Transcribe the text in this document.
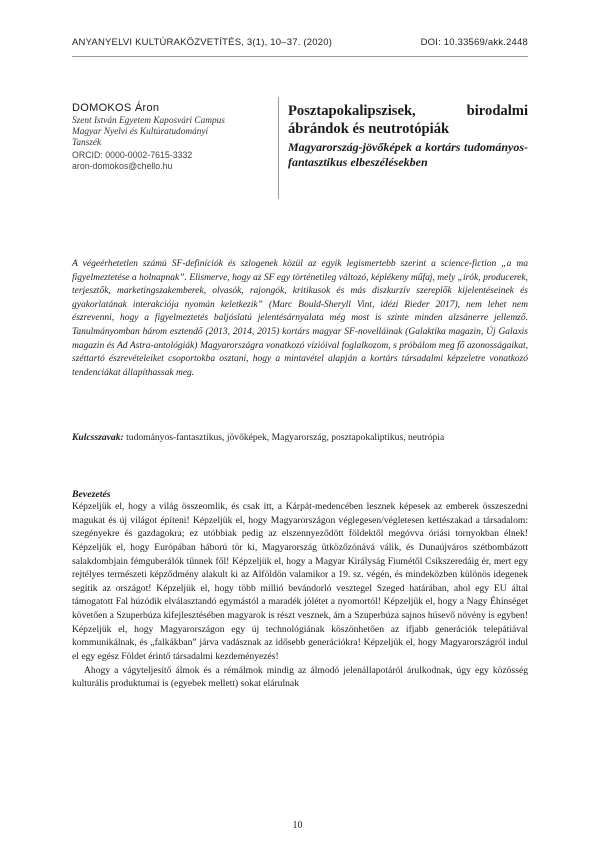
ANYANYELVI KULTÚRAKÖZVETÍTÉS, 3(1), 10–37. (2020)	DOI: 10.33569/akk.2448
DOMOKOS Áron
Szent István Egyetem Kaposvári Campus
Magyar Nyelvi és Kultúratudományi
Tanszék
ORCID: 0000-0002-7615-3332
aron-domokos@chello.hu
Posztapokalipszisek, birodalmi ábrándok és neutrotópiák
Magyarország-jövőképek a kortárs tudományos-fantasztikus elbeszélésekben

A végeérhetetlen számú SF-definíciók és szlogenek közül az egyik legismertebb szerint a science-fiction „a ma figyelmeztetése a holnapnak”. Elismerve, hogy az SF egy történetileg változó, képlékeny műfaj, mely „írók, producerek, terjesztők, marketingszakemberek, olvasók, rajongók, kritikusok és más diszkurzív szereplők kijelentéseinek és gyakorlatának interakciója nyomán keletkezik” (Marc Bould-Sheryll Vint, idézi Rieder 2017), nem lehet nem észrevenni, hogy a figyelmeztetés baljóslatú jelentésárnyalata még most is szinte minden alzsánerre jellemző. Tanulmányomban három esztendő (2013, 2014, 2015) kortárs magyar SF-novelláinak (Galaktika magazin, Új Galaxis magazin és Ad Astra-antológiák) Magyarországra vonatkozó vízióival foglalkozom, s próbálom meg fő azonosságaikat, széttartó észrevételeiket csoportokba osztani, hogy a mintavétel alapján a kortárs társadalmi képzeletre vonatkozó tendenciákat állapíthassak meg.

Kulcsszavak: tudományos-fantasztikus, jövőképek, Magyarország, posztapokaliptikus, neutrópia

Bevezetés

Képzeljük el, hogy a világ összeomlik, és csak itt, a Kárpát-medencében lesznek képesek az emberek összeszedni magukat és új világot építeni! Képzeljük el, hogy Magyarországon véglegesen/végletesen kettészakad a társadalom: szegényekre és gazdagokra; ez utóbbiak pedig az elszennyeződött földektől megóvva óriási tornyokban élnek! Képzeljük el, hogy Európában háború tör ki, Magyarország ütközőzónává válik, és Dunaújváros szétbombázott salakdombjain fémguberálók tűnnek fől! Képzeljük el, hogy a Magyar Királyság Fiumétől Csíkszeredáig ér, mert egy rejtélyes természeti képződmény alakult ki az Alföldön valamikor a 19. sz. végén, és mindeközben különös idegenek segítik az országot! Képzeljük el, hogy több millió bevándorló vesztegel Szeged határában, ahol egy EU által támogatott Fal húzódik elválasztandó egymástól a maradék jólétet a nyomortól! Képzeljük el, hogy a Nagy Éhínséget követően a Szuperbúza kifejlesztésében magyarok is részt vesznek, ám a Szuperbúza sajnos húsevő növény is egyben! Képzeljük el, hogy Magyarországon egy új technológiának köszönhetően az ifjabb generációk telepátiával kommunikálnak, és „falkákban” járva vadásznak az idősebb generációkra! Képzeljük el, hogy Magyarországról indul el egy egész Földet érintő társadalmi kezdeményezés!

Ahogy a vágyteljesítő álmok és a rémálmok mindig az álmodó jelenállapotáról árulkodnak, úgy egy közösség kulturális produktumai is (egyebek mellett) sokat elárulnak

10
